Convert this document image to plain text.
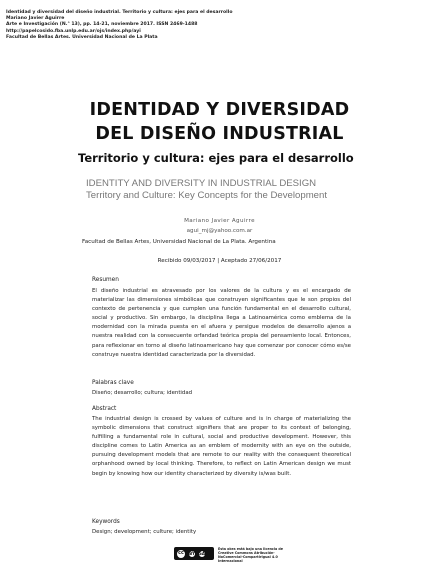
Identidad y diversidad del diseño industrial. Territorio y cultura: ejes para el desarrollo
Mariano Javier Aguirre
Arte e Investigación (N.° 13), pp. 14-21, noviembre 2017. ISSN 2469-1488
http://papelcosido.fba.unlp.edu.ar/ojs/index.php/ayi
Facultad de Bellas Artes. Universidad Nacional de La Plata
IDENTIDAD Y DIVERSIDAD
DEL DISEÑO INDUSTRIAL
Territorio y cultura: ejes para el desarrollo
IDENTITY AND DIVERSITY IN INDUSTRIAL DESIGN
Territory and Culture: Key Concepts for the Development
Mariano Javier Aguirre
agui_mj@yahoo.com.ar
Facultad de Bellas Artes, Universidad Nacional de La Plata. Argentina
Recibido 09/03/2017 | Aceptado 27/06/2017
Resumen

El diseño industrial es atravesado por los valores de la cultura y es el encargado de materializar las dimensiones simbólicas que construyen significantes que le son propios del contexto de pertenencia y que cumplen una función fundamental en el desarrollo cultural, social y productivo. Sin embargo, la disciplina llega a Latinoamérica como emblema de la modernidad con la mirada puesta en el afuera y persigue modelos de desarrollo ajenos a nuestra realidad con la consecuente orfandad teórica propia del pensamiento local. Entonces, para reflexionar en torno al diseño latinoamericano hay que comenzar por conocer cómo es/se construye nuestra identidad caracterizada por la diversidad.

Palabras clave

Diseño; desarrollo; cultura; identidad

Abstract

The industrial design is crossed by values of culture and is in charge of materializing the symbolic dimensions that construct signifiers that are proper to its context of belonging, fulfilling a fundamental role in cultural, social and productive development. However, this discipline comes to Latin America as an emblem of modernity with an eye on the outside, pursuing development models that are remote to our reality with the consequent theoretical orphanhood owned by local thinking. Therefore, to reflect on Latin American design we must begin by knowing how our identity characterized by diversity is/was built.

Keywords

Design; development; culture; identity

cc	BY SA
Esta obra está bajo una licencia de
Creative Commons Atribución-
NoComercial-CompartirIgual 4.0
Internacional
